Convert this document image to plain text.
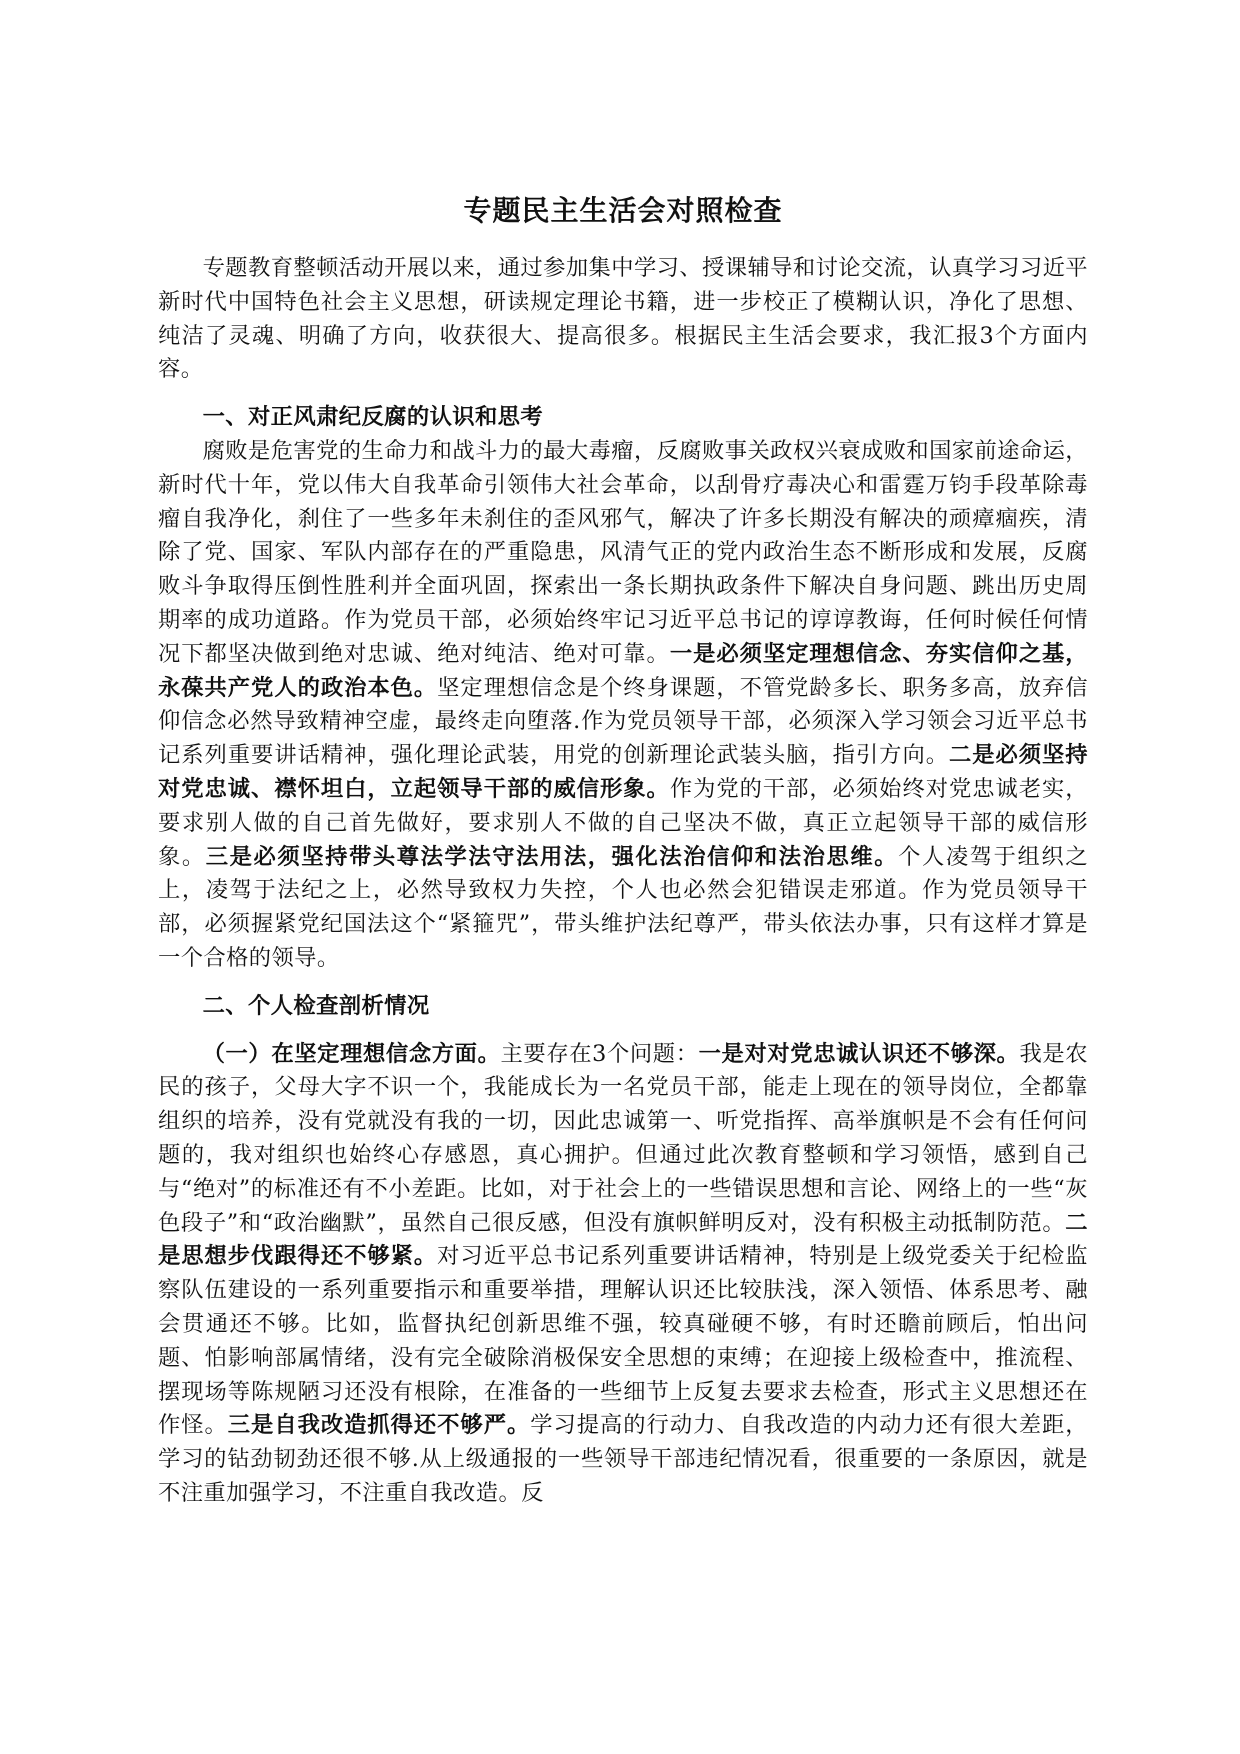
专题民主生活会对照检查

专题教育整顿活动开展以来，通过参加集中学习、授课辅导和讨论交流，认真学习习近平新时代中国特色社会主义思想，研读规定理论书籍，进一步校正了模糊认识，净化了思想、纯洁了灵魂、明确了方向，收获很大、提高很多。根据民主生活会要求，我汇报3个方面内容。

一、对正风肃纪反腐的认识和思考

腐败是危害党的生命力和战斗力的最大毒瘤，反腐败事关政权兴衰成败和国家前途命运，新时代十年，党以伟大自我革命引领伟大社会革命，以刮骨疗毒决心和雷霆万钧手段革除毒瘤自我净化，刹住了一些多年未刹住的歪风邪气，解决了许多长期没有解决的顽瘴痼疾，清除了党、国家、军队内部存在的严重隐患，风清气正的党内政治生态不断形成和发展，反腐败斗争取得压倒性胜利并全面巩固，探索出一条长期执政条件下解决自身问题、跳出历史周期率的成功道路。作为党员干部，必须始终牢记习近平总书记的谆谆教诲，任何时候任何情况下都坚决做到绝对忠诚、绝对纯洁、绝对可靠。一是必须坚定理想信念、夯实信仰之基，永葆共产党人的政治本色。坚定理想信念是个终身课题，不管党龄多长、职务多高，放弃信仰信念必然导致精神空虚，最终走向堕落.作为党员领导干部，必须深入学习领会习近平总书记系列重要讲话精神，强化理论武装，用党的创新理论武装头脑，指引方向。二是必须坚持对党忠诚、襟怀坦白，立起领导干部的威信形象。作为党的干部，必须始终对党忠诚老实，要求别人做的自己首先做好，要求别人不做的自己坚决不做，真正立起领导干部的威信形象。三是必须坚持带头尊法学法守法用法，强化法治信仰和法治思维。个人凌驾于组织之上，凌驾于法纪之上，必然导致权力失控，个人也必然会犯错误走邪道。作为党员领导干部，必须握紧党纪国法这个“紧箍咒”，带头维护法纪尊严，带头依法办事，只有这样才算是一个合格的领导。

二、个人检查剖析情况

（一）在坚定理想信念方面。主要存在3个问题：一是对对党忠诚认识还不够深。我是农民的孩子，父母大字不识一个，我能成长为一名党员干部，能走上现在的领导岗位，全都靠组织的培养，没有党就没有我的一切，因此忠诚第一、听党指挥、高举旗帜是不会有任何问题的，我对组织也始终心存感恩，真心拥护。但通过此次教育整顿和学习领悟，感到自己与“绝对”的标准还有不小差距。比如，对于社会上的一些错误思想和言论、网络上的一些“灰色段子”和“政治幽默”，虽然自己很反感，但没有旗帜鲜明反对，没有积极主动抵制防范。二是思想步伐跟得还不够紧。对习近平总书记系列重要讲话精神，特别是上级党委关于纪检监察队伍建设的一系列重要指示和重要举措，理解认识还比较肤浅，深入领悟、体系思考、融会贯通还不够。比如，监督执纪创新思维不强，较真碰硬不够，有时还瞻前顾后，怕出问题、怕影响部属情绪，没有完全破除消极保安全思想的束缚；在迎接上级检查中，推流程、摆现场等陈规陋习还没有根除，在准备的一些细节上反复去要求去检查，形式主义思想还在作怪。三是自我改造抓得还不够严。学习提高的行动力、自我改造的内动力还有很大差距，学习的钻劲韧劲还很不够.从上级通报的一些领导干部违纪情况看，很重要的一条原因，就是不注重加强学习，不注重自我改造。反
